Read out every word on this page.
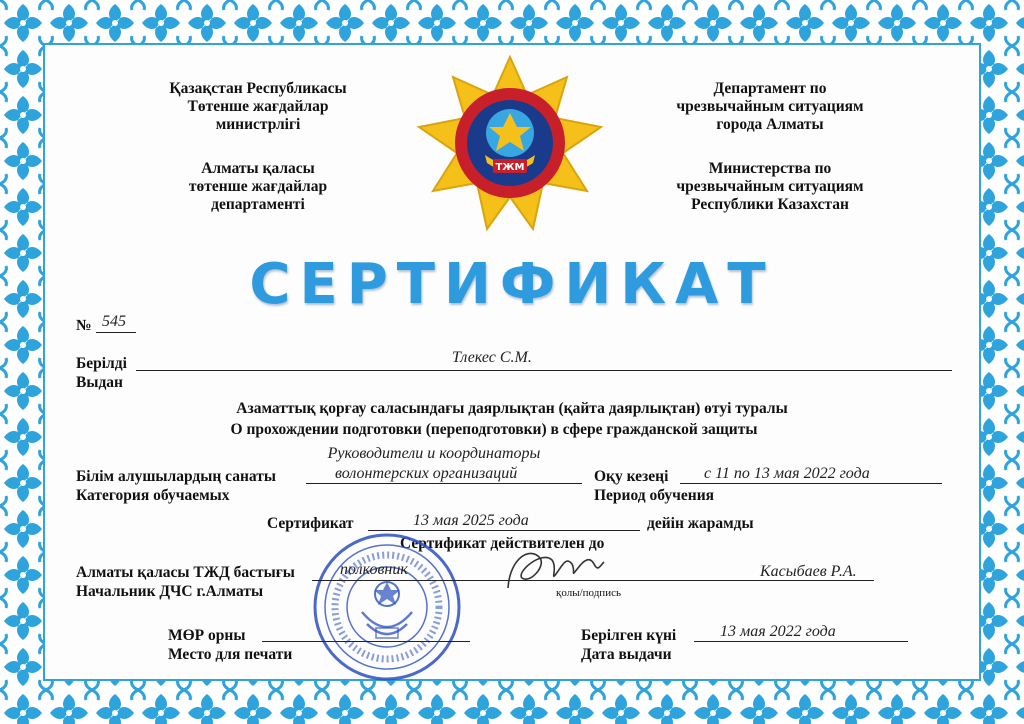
Қазақстан Республикасы
Төтенше жағдайлар
министрлігі
Алматы қаласы
төтенше жағдайлар
департаменті
Департамент по
чрезвычайным ситуациям
города Алматы
Министерства по
чрезвычайным ситуациям
Республики Казахстан
ТЖМ
СЕРТИФИКАТ
№ 545
Берілді
Выдан
Тлекес С.М.
Азаматтық қорғау саласындағы даярлықтан (қайта даярлықтан) өтуі туралы
О прохождении подготовки (переподготовки) в сфере гражданской защиты
Руководители и координаторы
Білім алушылардың санаты
Категория обучаемых
волонтерских организаций	Оқу кезеңі
Период обучения
с 11 по 13 мая 2022 года
Сертификат	13 мая 2025 года	дейін жарамды
Сертификат действителен до
Алматы қаласы ТЖД бастығы
Начальник ДЧС г.Алматы
полковник	Касыбаев Р.А.
қолы/подпись
МӨР орны
Место для печати
Берілген күні
Дата выдачи
13 мая 2022 года
